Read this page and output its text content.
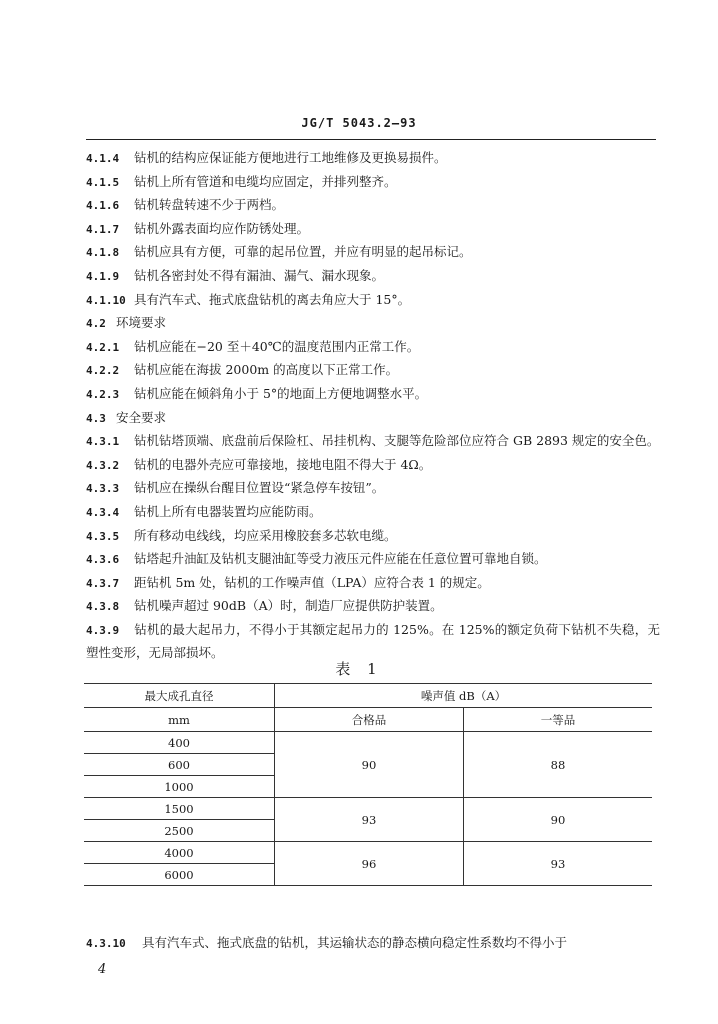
JG/T 5043.2—93
4.1.4 钻机的结构应保证能方便地进行工地维修及更换易损件。
4.1.5 钻机上所有管道和电缆均应固定，并排列整齐。
4.1.6 钻机转盘转速不少于两档。
4.1.7 钻机外露表面均应作防锈处理。
4.1.8 钻机应具有方便，可靠的起吊位置，并应有明显的起吊标记。
4.1.9 钻机各密封处不得有漏油、漏气、漏水现象。
4.1.10 具有汽车式、拖式底盘钻机的离去角应大于 15°。
4.2 环境要求
4.2.1 钻机应能在−20 至＋40℃的温度范围内正常工作。
4.2.2 钻机应能在海拔 2000m 的高度以下正常工作。
4.2.3 钻机应能在倾斜角小于 5°的地面上方便地调整水平。
4.3 安全要求
4.3.1 钻机钻塔顶端、底盘前后保险杠、吊挂机构、支腿等危险部位应符合 GB 2893 规定的安全色。
4.3.2 钻机的电器外壳应可靠接地，接地电阻不得大于 4Ω。
4.3.3 钻机应在操纵台醒目位置设“紧急停车按钮”。
4.3.4 钻机上所有电器装置均应能防雨。
4.3.5 所有移动电线线，均应采用橡胶套多芯软电缆。
4.3.6 钻塔起升油缸及钻机支腿油缸等受力液压元件应能在任意位置可靠地自锁。
4.3.7 距钻机 5m 处，钻机的工作噪声值（LPA）应符合表 1 的规定。
4.3.8 钻机噪声超过 90dB（A）时，制造厂应提供防护装置。
4.3.9 钻机的最大起吊力，不得小于其额定起吊力的 125%。在 125%的额定负荷下钻机不失稳，无塑性变形，无局部损坏。
表 1
最大成孔直径	噪声值 dB（A）	
mm	合格品	一等品
400	90	88
600		
1000		
1500	93	90
2500		
4000	96	93
6000		
4.3.10 具有汽车式、拖式底盘的钻机，其运输状态的静态横向稳定性系数均不得小于
4
